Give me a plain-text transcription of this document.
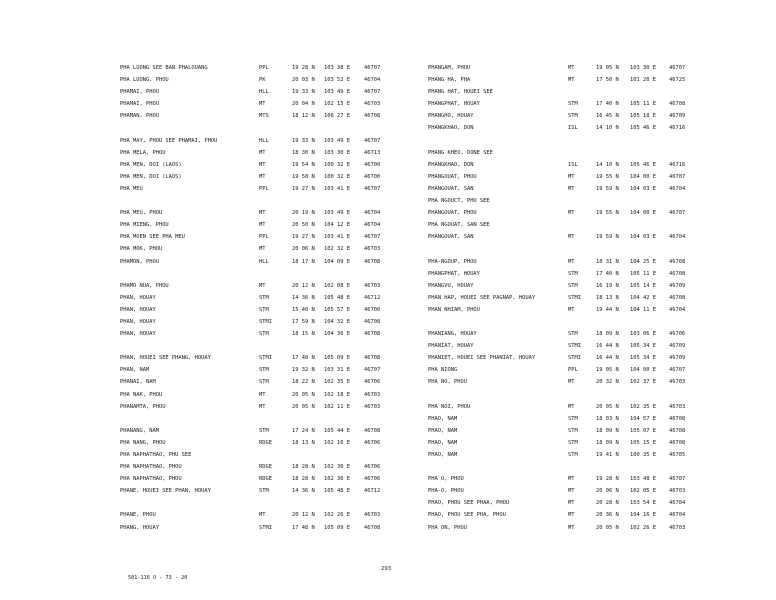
PHA LUONG SEE BAN PHALOUANG	PPL	19 28 N 103 38 E	46707
PHA LUONG, PHOU	PK	20 03 N 103 52 E	46704
PHAMAI, PHOU	HLL	19 33 N 103 49 E	46707
PHAMAI, PHOU	MT	20 04 N 102 15 E	46703
PHAMAN, PHOU	MTS	18 12 N 106 27 E	46708
PHA MAY, PHOU SEE PHAMAI, PHOU	HLL	19 33 N 103 49 E	46707
PHA MELA, PHOU	MT	18 30 N 103 30 E	46713
PHA MEN, DOI (LAOS)	MT	19 54 N 100 32 E	46700
PHA MEN, DOI (LAOS)	MT	19 58 N 100 32 E	46700
PHA MEU	PPL	19 27 N 103 41 E	46707
PHA MEU, PHOU	MT	20 19 N 103 49 E	46704
PHA MIENG, PHOU	MT	20 50 N 104 12 E	46704
PHA MOEN SEE PHA MEU	PPL	19 27 N 103 41 E	46707
PHA MOK, PHOU	MT	20 06 N 102 32 E	46703
PHAMON, PHOU	HLL	18 17 N 104 09 E	46708
PHAMO NUA, PHOU	MT	20 12 N 102 08 E	46703
PHAN, HOUAY	STM	14 36 N 105 48 E	46712
PHAN, HOUAY	STM	15 40 N 105 57 E	46700
PHAN, HOUAY	STMI	17 59 N 104 32 E	46708
PHAN, HOUAY	STM	18 15 N 104 36 E	46708
PHAN, HOUEI SEE PHANG, HOUAY	STMI	17 48 N 105 09 E	46708
PHAN, NAM	STM	19 32 N 103 31 E	46707
PHANAI, NAM	STM	18 22 N 102 35 E	46706
PHA NAK, PHOU	MT	20 05 N 102 18 E	46703
PHANAMTA, PHOU	MT	20 05 N 102 11 E	46703
PHANANG, NAM	STM	17 24 N 105 44 E	46708
PHA NANG, PHOU	RDGE	18 13 N 102 16 E	46706
PHA NAPHATHAO, PHU SEE
PHA NAPHATHAO, PHOU	RDGE	18 28 N 102 36 E	46706
PHA NAPHATHAO, PHOU	RDGE	18 28 N 102 36 E	46706
PHANE, HOUEI SEE PHAN, HOUAY	STM	14 36 N 105 48 E	46712
PHANE, PHOU	MT	20 12 N 102 26 E	46703
PHANG, HOUAY	STMI	17 48 N 105 09 E	46708
PHANGAM, PHOU	MT	19 05 N 103 30 E 46707
PHANG HA, PHA	MT	17 50 N 101 20 E 46725
PHANG HAT, HOUEI SEE
PHANGPHAT, HOUAY	STM	17 40 N 105 11 E 46708
PHANGHO, HOUAY	STM	16 45 N 105 18 E 46709
PHANGKHAO, DON	ISL	14 10 N 105 46 E 46716
PHANG KHEO, DONE SEE
PHANGKHAO, DON	ISL	14 10 N 105 46 E 46716
PHANGOUAT, PHOU	MT	19 55 N 104 00 E 46707
PHANGOUAT, SAN	MT	19 59 N 104 03 E 46704
PHA NGOUCT, PHU SEE
PHANGOUAT, PHOU	MT	19 55 N 104 00 E 46707
PHA NGOUAT, SAN SEE
PHANGOUAT, SAN	MT	19 59 N 104 03 E 46704
PHA-NGOUP, PHOU	MT	18 31 N 104 25 E 46708
PHANGPHAT, HOUAY	STM	17 40 N 105 11 E 46708
PHANGVU, HOUAY	STM	16 19 N 105 14 E 46709
PHAN HAP, HOUEI SEE PAGNAP, HOUAY	STMI	18 13 N 104 42 E 46708
PHAN NHIAM, PHOU	MT	19 44 N 104 11 E 46704
PHANIANG, HOUAY	STM	18 09 N 103 06 E 46706
PHANIAT, HOUAY	STMI	16 44 N 105 34 E 46709
PHANIET, HOUEI SEE PHANIAT, HOUAY	STMI	16 44 N 105 34 E 46709
PHA NIONG	PPL	19 05 N 104 00 E 46707
PHA NO, PHOU	MT	20 32 N 102 37 E 46703
PHA NOI, PHOU	MT	20 05 N 102 35 E 46703
PHAO, NAM	STM	18 03 N 104 57 E 46708
PHAO, NAM	STM	18 09 N 105 07 E 46708
PHAO, NAM	STM	18 09 N 105 15 E 46708
PHAO, NAM	STM	19 41 N 100 35 E 46705
PHA O, PHOU	MT	19 28 N 103 48 E 46707
PHA-O, PHOU	MT	20 06 N 102 05 E 46703
PHAO, PHOU SEE PHAA, PHOU	MT	20 28 N 103 54 E 46704
PHAO, PHOU SEE PHA, PHOU	MT	20 36 N 104 16 E 46704
PHA ON, PHOU	MT	20 05 N 102 26 E 46703
293
501-116 O - 73 - 20
